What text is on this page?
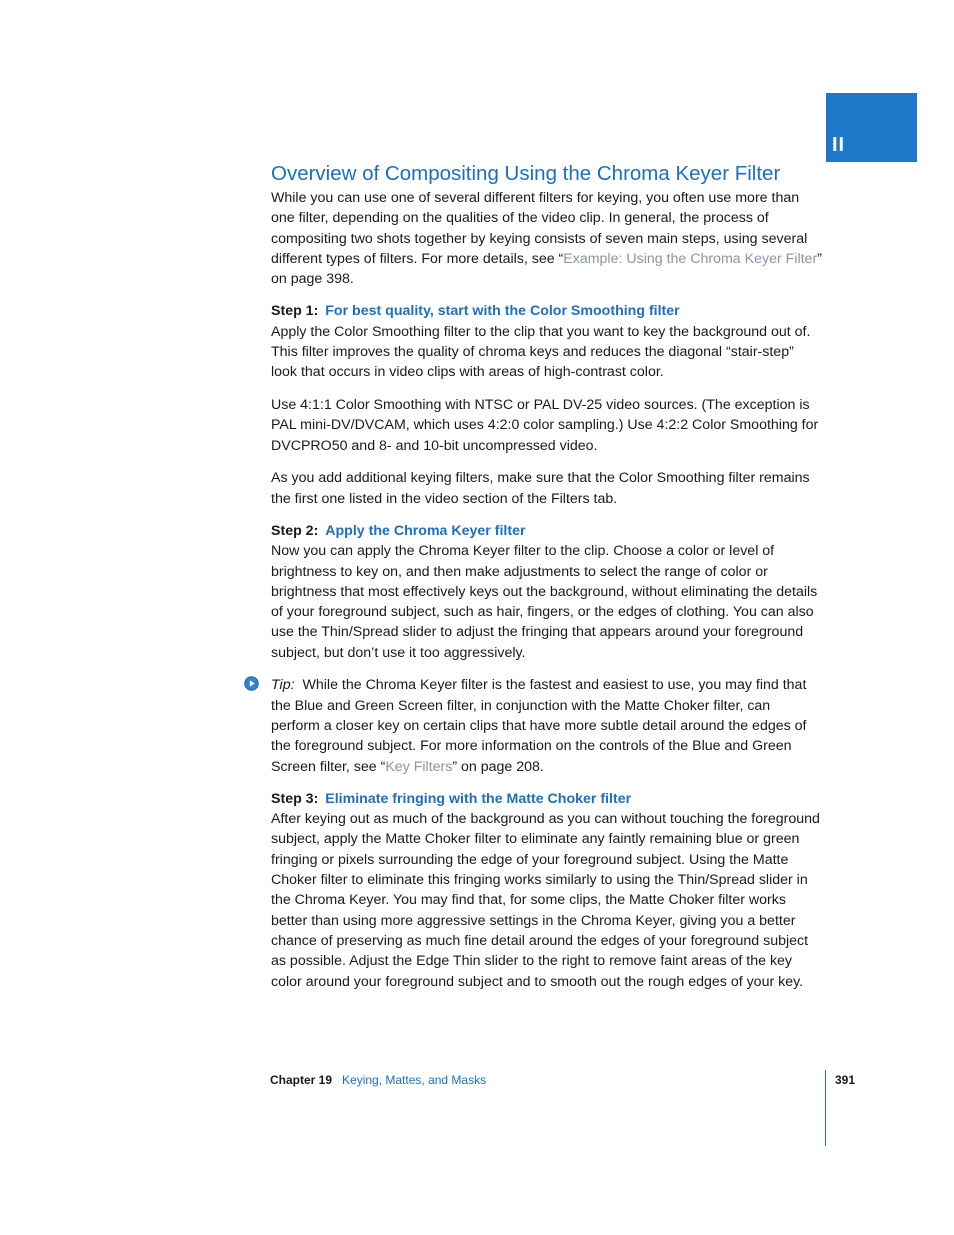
II
Overview of Compositing Using the Chroma Keyer Filter

While you can use one of several different filters for keying, you often use more than one filter, depending on the qualities of the video clip. In general, the process of compositing two shots together by keying consists of seven main steps, using several different types of filters. For more details, see “Example: Using the Chroma Keyer Filter” on page 398.

Step 1: For best quality, start with the Color Smoothing filter

Apply the Color Smoothing filter to the clip that you want to key the background out of. This filter improves the quality of chroma keys and reduces the diagonal “stair-step” look that occurs in video clips with areas of high-contrast color.

Use 4:1:1 Color Smoothing with NTSC or PAL DV-25 video sources. (The exception is PAL mini-DV/DVCAM, which uses 4:2:0 color sampling.) Use 4:2:2 Color Smoothing for DVCPRO50 and 8- and 10-bit uncompressed video.

As you add additional keying filters, make sure that the Color Smoothing filter remains the first one listed in the video section of the Filters tab.

Step 2: Apply the Chroma Keyer filter

Now you can apply the Chroma Keyer filter to the clip. Choose a color or level of brightness to key on, and then make adjustments to select the range of color or brightness that most effectively keys out the background, without eliminating the details of your foreground subject, such as hair, fingers, or the edges of clothing. You can also use the Thin/Spread slider to adjust the fringing that appears around your foreground subject, but don’t use it too aggressively.

Tip: While the Chroma Keyer filter is the fastest and easiest to use, you may find that the Blue and Green Screen filter, in conjunction with the Matte Choker filter, can perform a closer key on certain clips that have more subtle detail around the edges of the foreground subject. For more information on the controls of the Blue and Green Screen filter, see “Key Filters” on page 208.

Step 3: Eliminate fringing with the Matte Choker filter

After keying out as much of the background as you can without touching the foreground subject, apply the Matte Choker filter to eliminate any faintly remaining blue or green fringing or pixels surrounding the edge of your foreground subject. Using the Matte Choker filter to eliminate this fringing works similarly to using the Thin/Spread slider in the Chroma Keyer. You may find that, for some clips, the Matte Choker filter works better than using more aggressive settings in the Chroma Keyer, giving you a better chance of preserving as much fine detail around the edges of your foreground subject as possible. Adjust the Edge Thin slider to the right to remove faint areas of the key color around your foreground subject and to smooth out the rough edges of your key.

Chapter 19 Keying, Mattes, and Masks	391
